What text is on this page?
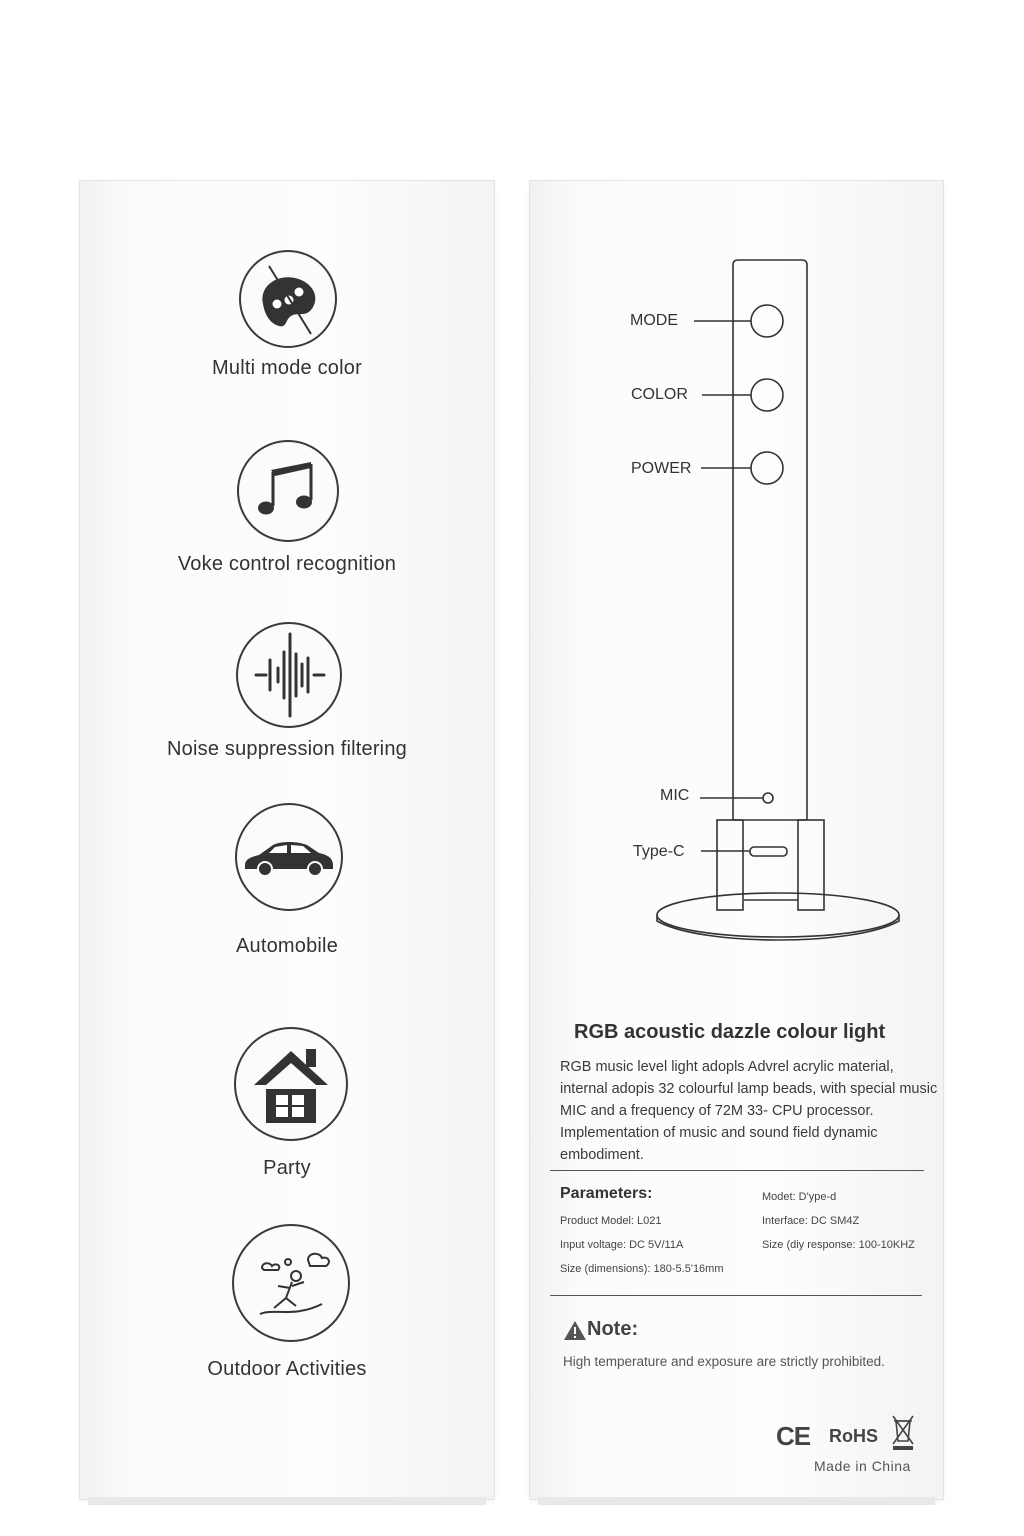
Multi mode color
Voke control recognition
Noise suppression filtering
Automobile
Party
Outdoor Activities
MODE
COLOR
POWER
MIC
Type-C
RGB acoustic dazzle colour light
RGB music level light adopls Advrel acrylic material, internal adopis 32 colourful lamp beads, with special music MIC and a frequency of 72M 33- CPU processor. Implementation of music and sound field dynamic embodiment.
Parameters:
Product Model: L021
Input voltage: DC 5V/11A
Size (dimensions): 180-5.5'16mm
Modet: D'ype-d
Interface: DC SM4Z
Size (diy response: 100-10KHZ
Note:
High temperature and exposure are strictly prohibited.
CE RoHS
Made in China
